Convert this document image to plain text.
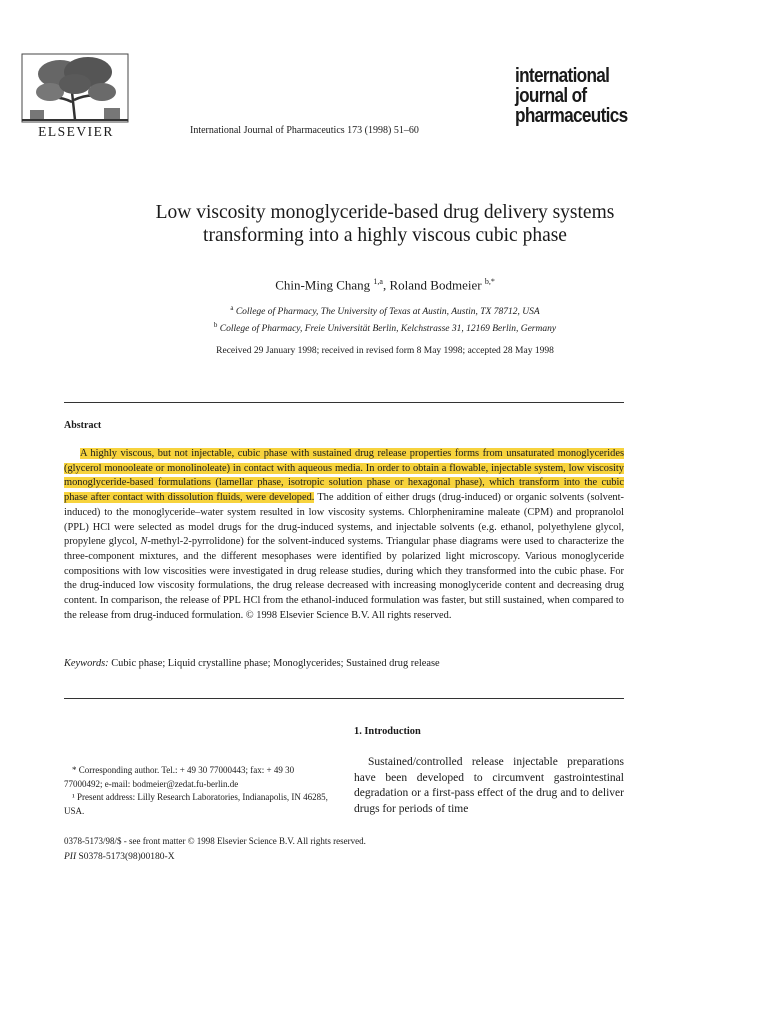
ELSEVIER	International Journal of Pharmaceutics 173 (1998) 51–60
international
journal of
pharmaceutics
Low viscosity monoglyceride-based drug delivery systems
transforming into a highly viscous cubic phase
Chin-Ming Chang $^{1,a}$, Roland Bodmeier $^{b,*}$
$^a$ College of Pharmacy, The University of Texas at Austin, Austin, TX 78712, USA
$^b$ College of Pharmacy, Freie Universität Berlin, Kelchstrasse 31, 12169 Berlin, Germany
Received 29 January 1998; received in revised form 8 May 1998; accepted 28 May 1998
Abstract

A highly viscous, but not injectable, cubic phase with sustained drug release properties forms from unsaturated monoglycerides (glycerol monooleate or monolinoleate) in contact with aqueous media. In order to obtain a flowable, injectable system, low viscosity monoglyceride-based formulations (lamellar phase, isotropic solution phase or hexagonal phase), which transform into the cubic phase after contact with dissolution fluids, were developed. The addition of either drugs (drug-induced) or organic solvents (solvent-induced) to the monoglyceride–water system resulted in low viscosity systems. Chlorpheniramine maleate (CPM) and propranolol (PPL) HCl were selected as model drugs for the drug-induced systems, and injectable solvents (e.g. ethanol, polyethylene glycol, propylene glycol, N-methyl-2-pyrrolidone) for the solvent-induced systems. Triangular phase diagrams were used to characterize the three-component mixtures, and the different mesophases were identified by polarized light microscopy. Various monoglyceride compositions with low viscosities were investigated in drug release studies, during which they transformed into the cubic phase. For the drug-induced low viscosity formulations, the drug release decreased with increasing monoglyceride content and decreasing drug content. In comparison, the release of PPL HCl from the ethanol-induced formulation was faster, but still sustained, when compared to the release from drug-induced formulation. © 1998 Elsevier Science B.V. All rights reserved.

Keywords: Cubic phase; Liquid crystalline phase; Monoglycerides; Sustained drug release

* Corresponding author. Tel.: + 49 30 77000443; fax: + 49 30 77000492; e-mail: bodmeier@zedat.fu-berlin.de

¹ Present address: Lilly Research Laboratories, Indianapolis, IN 46285, USA.

1. Introduction

Sustained/controlled release injectable preparations have been developed to circumvent gastrointestinal degradation or a first-pass effect of the drug and to deliver drugs for periods of time

0378-5173/98/$ - see front matter © 1998 Elsevier Science B.V. All rights reserved.
PII S0378-5173(98)00180-X
